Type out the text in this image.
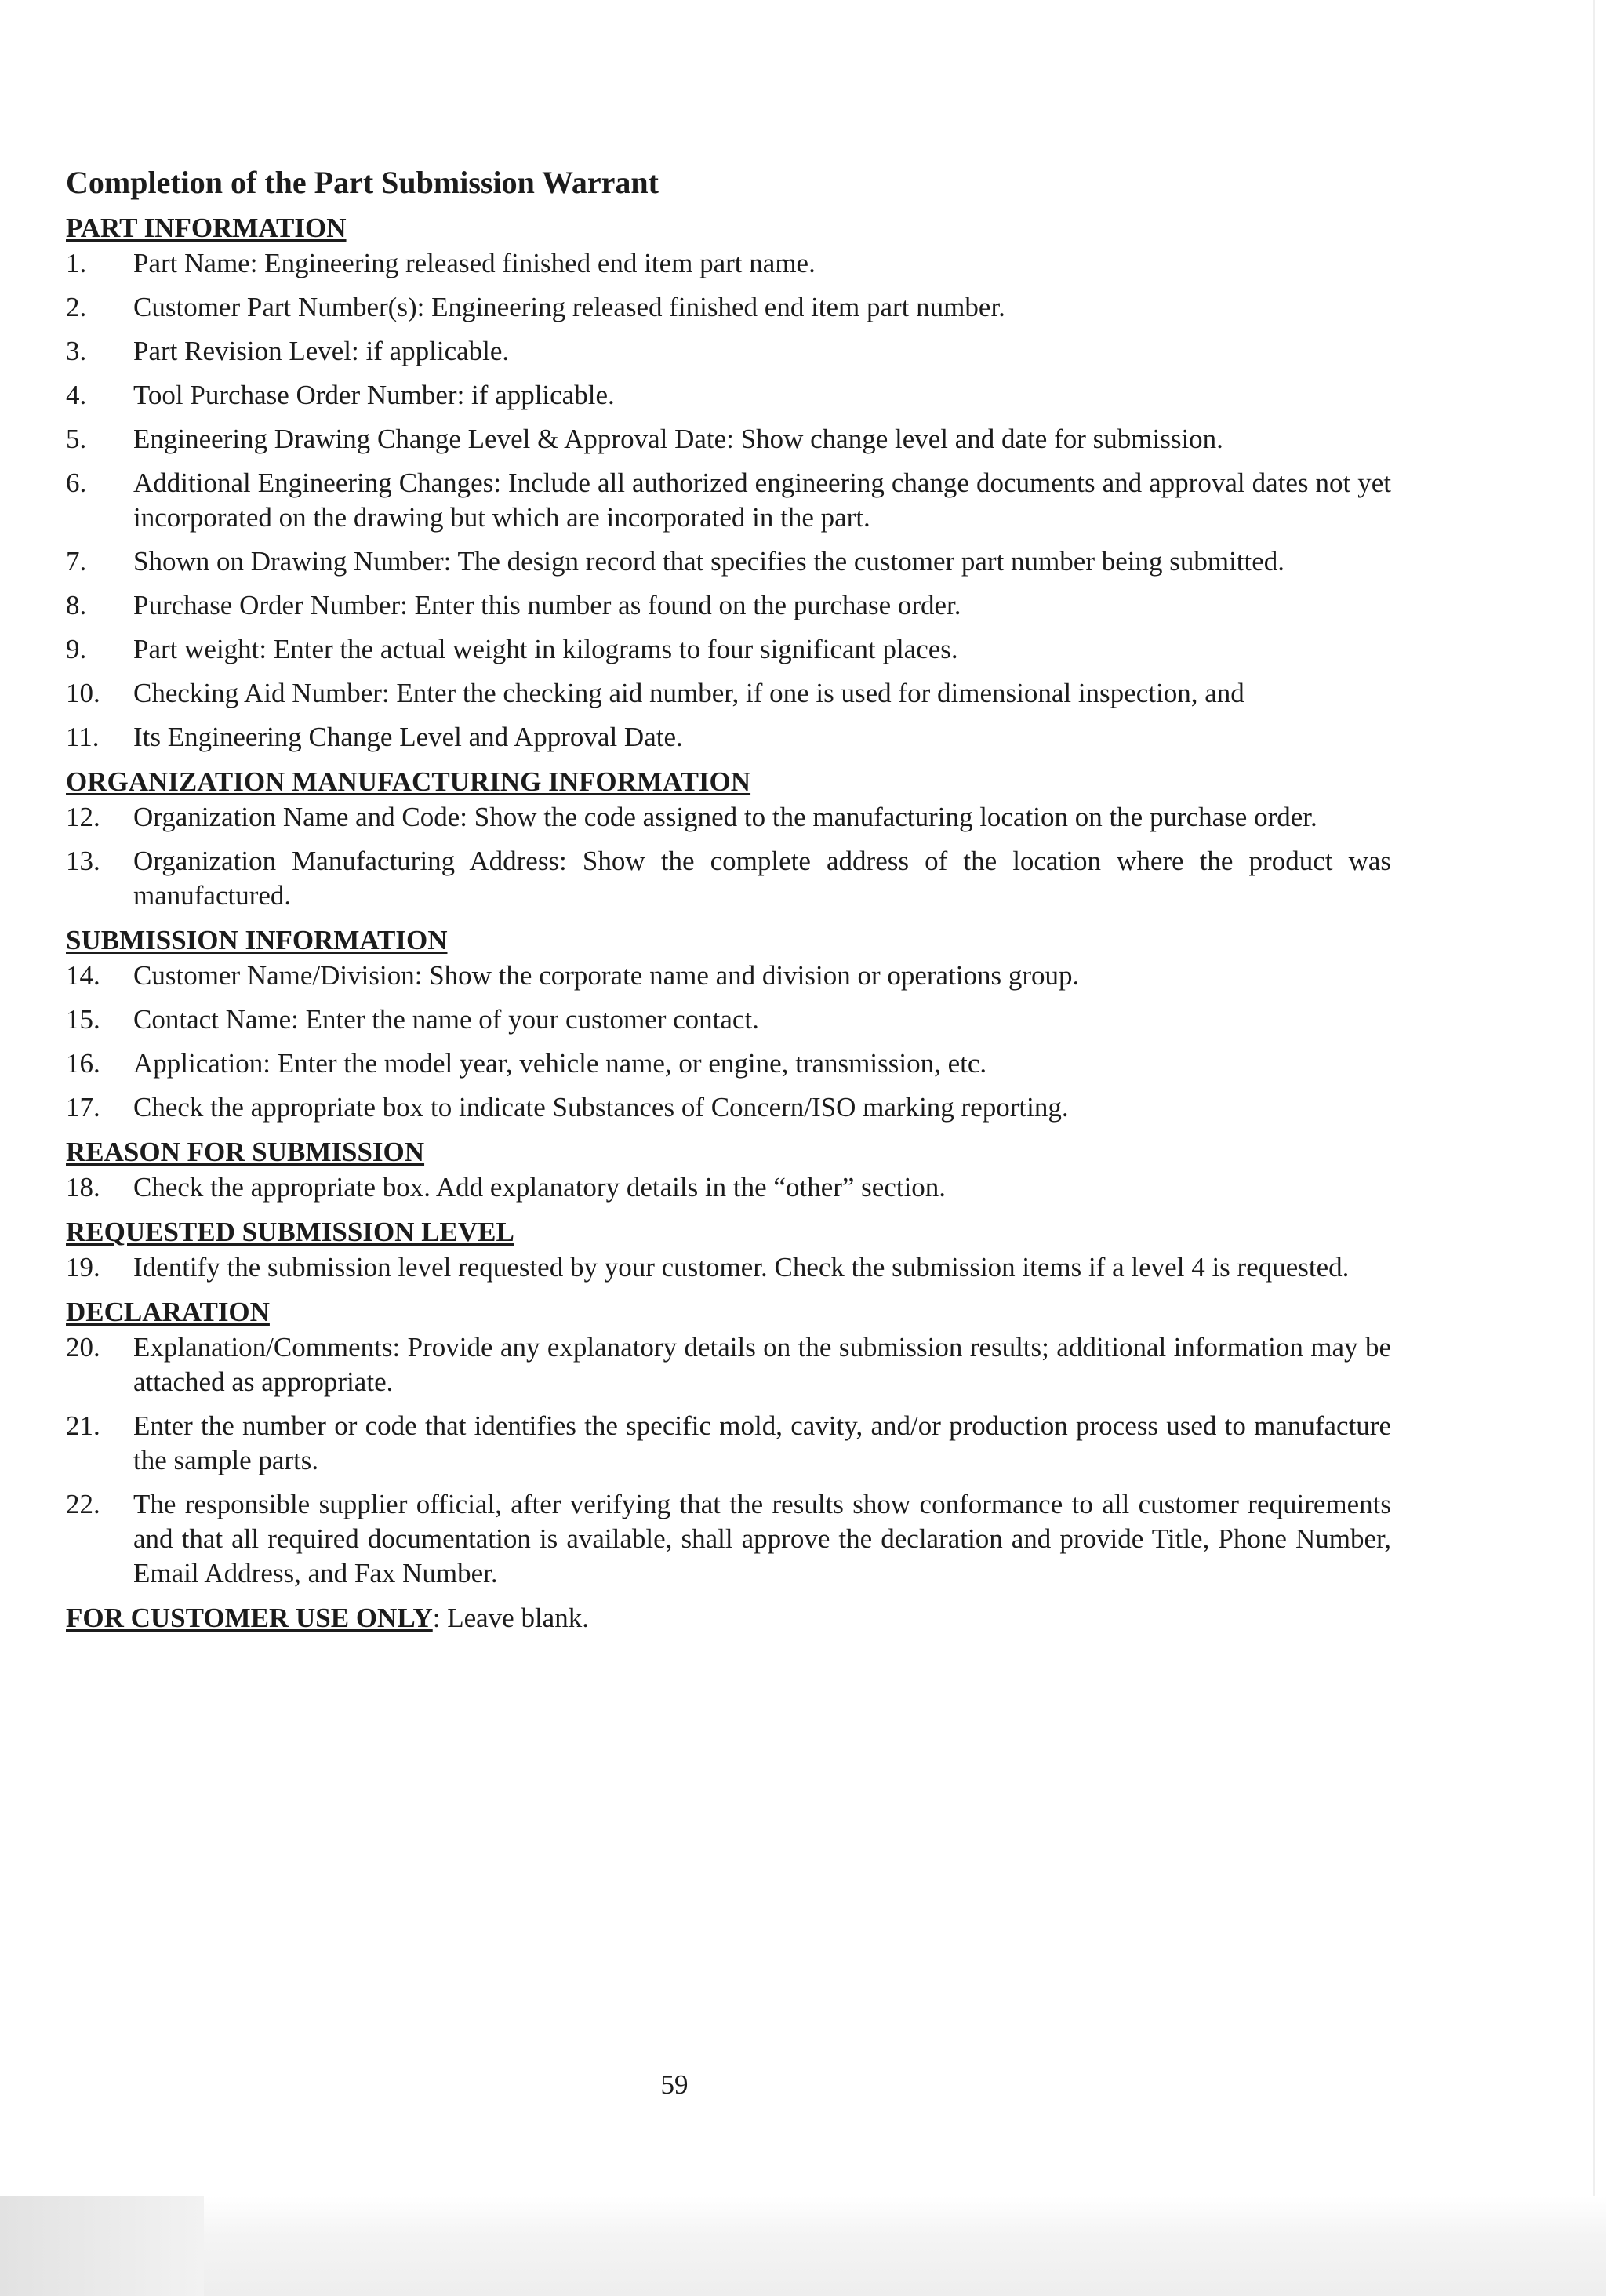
Completion of the Part Submission Warrant
PART INFORMATION
1.	Part Name: Engineering released finished end item part name.
2.	Customer Part Number(s): Engineering released finished end item part number.
3.	Part Revision Level: if applicable.
4.	Tool Purchase Order Number: if applicable.
5.	Engineering Drawing Change Level & Approval Date: Show change level and date for submission.
6.	Additional Engineering Changes: Include all authorized engineering change documents and approval dates not yet incorporated on the drawing but which are incorporated in the part.
7.	Shown on Drawing Number: The design record that specifies the customer part number being submitted.
8.	Purchase Order Number: Enter this number as found on the purchase order.
9.	Part weight: Enter the actual weight in kilograms to four significant places.
10.	Checking Aid Number: Enter the checking aid number, if one is used for dimensional inspection, and
11.	Its Engineering Change Level and Approval Date.
ORGANIZATION MANUFACTURING INFORMATION
12.	Organization Name and Code: Show the code assigned to the manufacturing location on the purchase order.
13.	Organization Manufacturing Address: Show the complete address of the location where the product was manufactured.
SUBMISSION INFORMATION
14.	Customer Name/Division: Show the corporate name and division or operations group.
15.	Contact Name: Enter the name of your customer contact.
16.	Application: Enter the model year, vehicle name, or engine, transmission, etc.
17.	Check the appropriate box to indicate Substances of Concern/ISO marking reporting.
REASON FOR SUBMISSION
18.	Check the appropriate box. Add explanatory details in the “other” section.
REQUESTED SUBMISSION LEVEL
19.	Identify the submission level requested by your customer. Check the submission items if a level 4 is requested.
DECLARATION
20.	Explanation/Comments: Provide any explanatory details on the submission results; additional information may be attached as appropriate.
21.	Enter the number or code that identifies the specific mold, cavity, and/or production process used to manufacture the sample parts.
22.	The responsible supplier official, after verifying that the results show conformance to all customer requirements and that all required documentation is available, shall approve the declaration and provide Title, Phone Number, Email Address, and Fax Number.
FOR CUSTOMER USE ONLY: Leave blank.
59
